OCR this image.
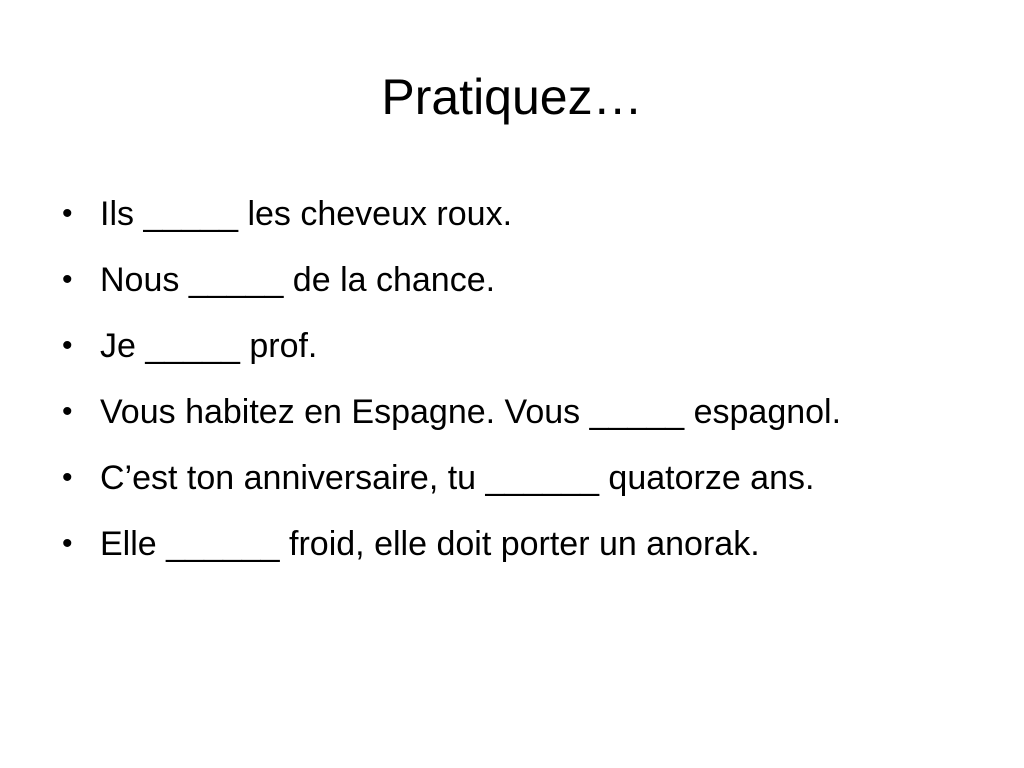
Pratiquez…
• Ils _____ les cheveux roux.
• Nous _____ de la chance.
• Je _____ prof.
• Vous habitez en Espagne. Vous _____ espagnol.
• C’est ton anniversaire, tu ______ quatorze ans.
• Elle ______ froid, elle doit porter un anorak.
